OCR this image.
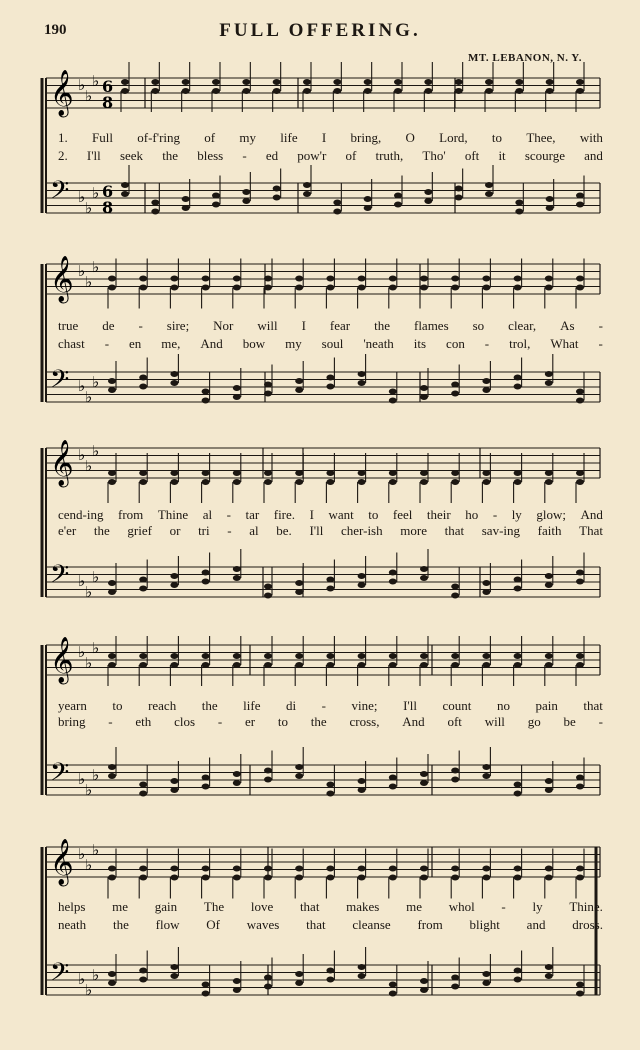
190	FULL OFFERING.
MT. LEBANON, N. Y.
𝄞 ♭
♭
♭ 6
8
𝄢 ♭
♭
♭ 6
8
𝄞 ♭
♭
♭
𝄢 ♭
♭
♭
𝄞 ♭
♭
♭
𝄢 ♭
♭
♭
𝄞 ♭
♭
♭
𝄢 ♭
♭
♭
𝄞 ♭
♭
♭
𝄢 ♭
♭
♭
1. Full of-f'ring of my life I bring, O Lord, to Thee, with
2. I'll seek the bless - ed pow'r of truth, Tho' oft it scourge and
true de - sire; Nor will I fear the flames so clear, As -
chast - en me, And bow my soul 'neath its con - trol, What -
cend-ing from Thine al - tar fire. I want to feel their ho - ly glow; And
e'er the grief or tri - al be. I'll cher-ish more that sav-ing faith That
yearn to reach the life di - vine; I'll count no pain that
bring - eth clos - er to the cross, And oft will go be -
helps me gain The love that makes me whol - ly Thine.
neath the flow Of waves that cleanse from blight and dross.
